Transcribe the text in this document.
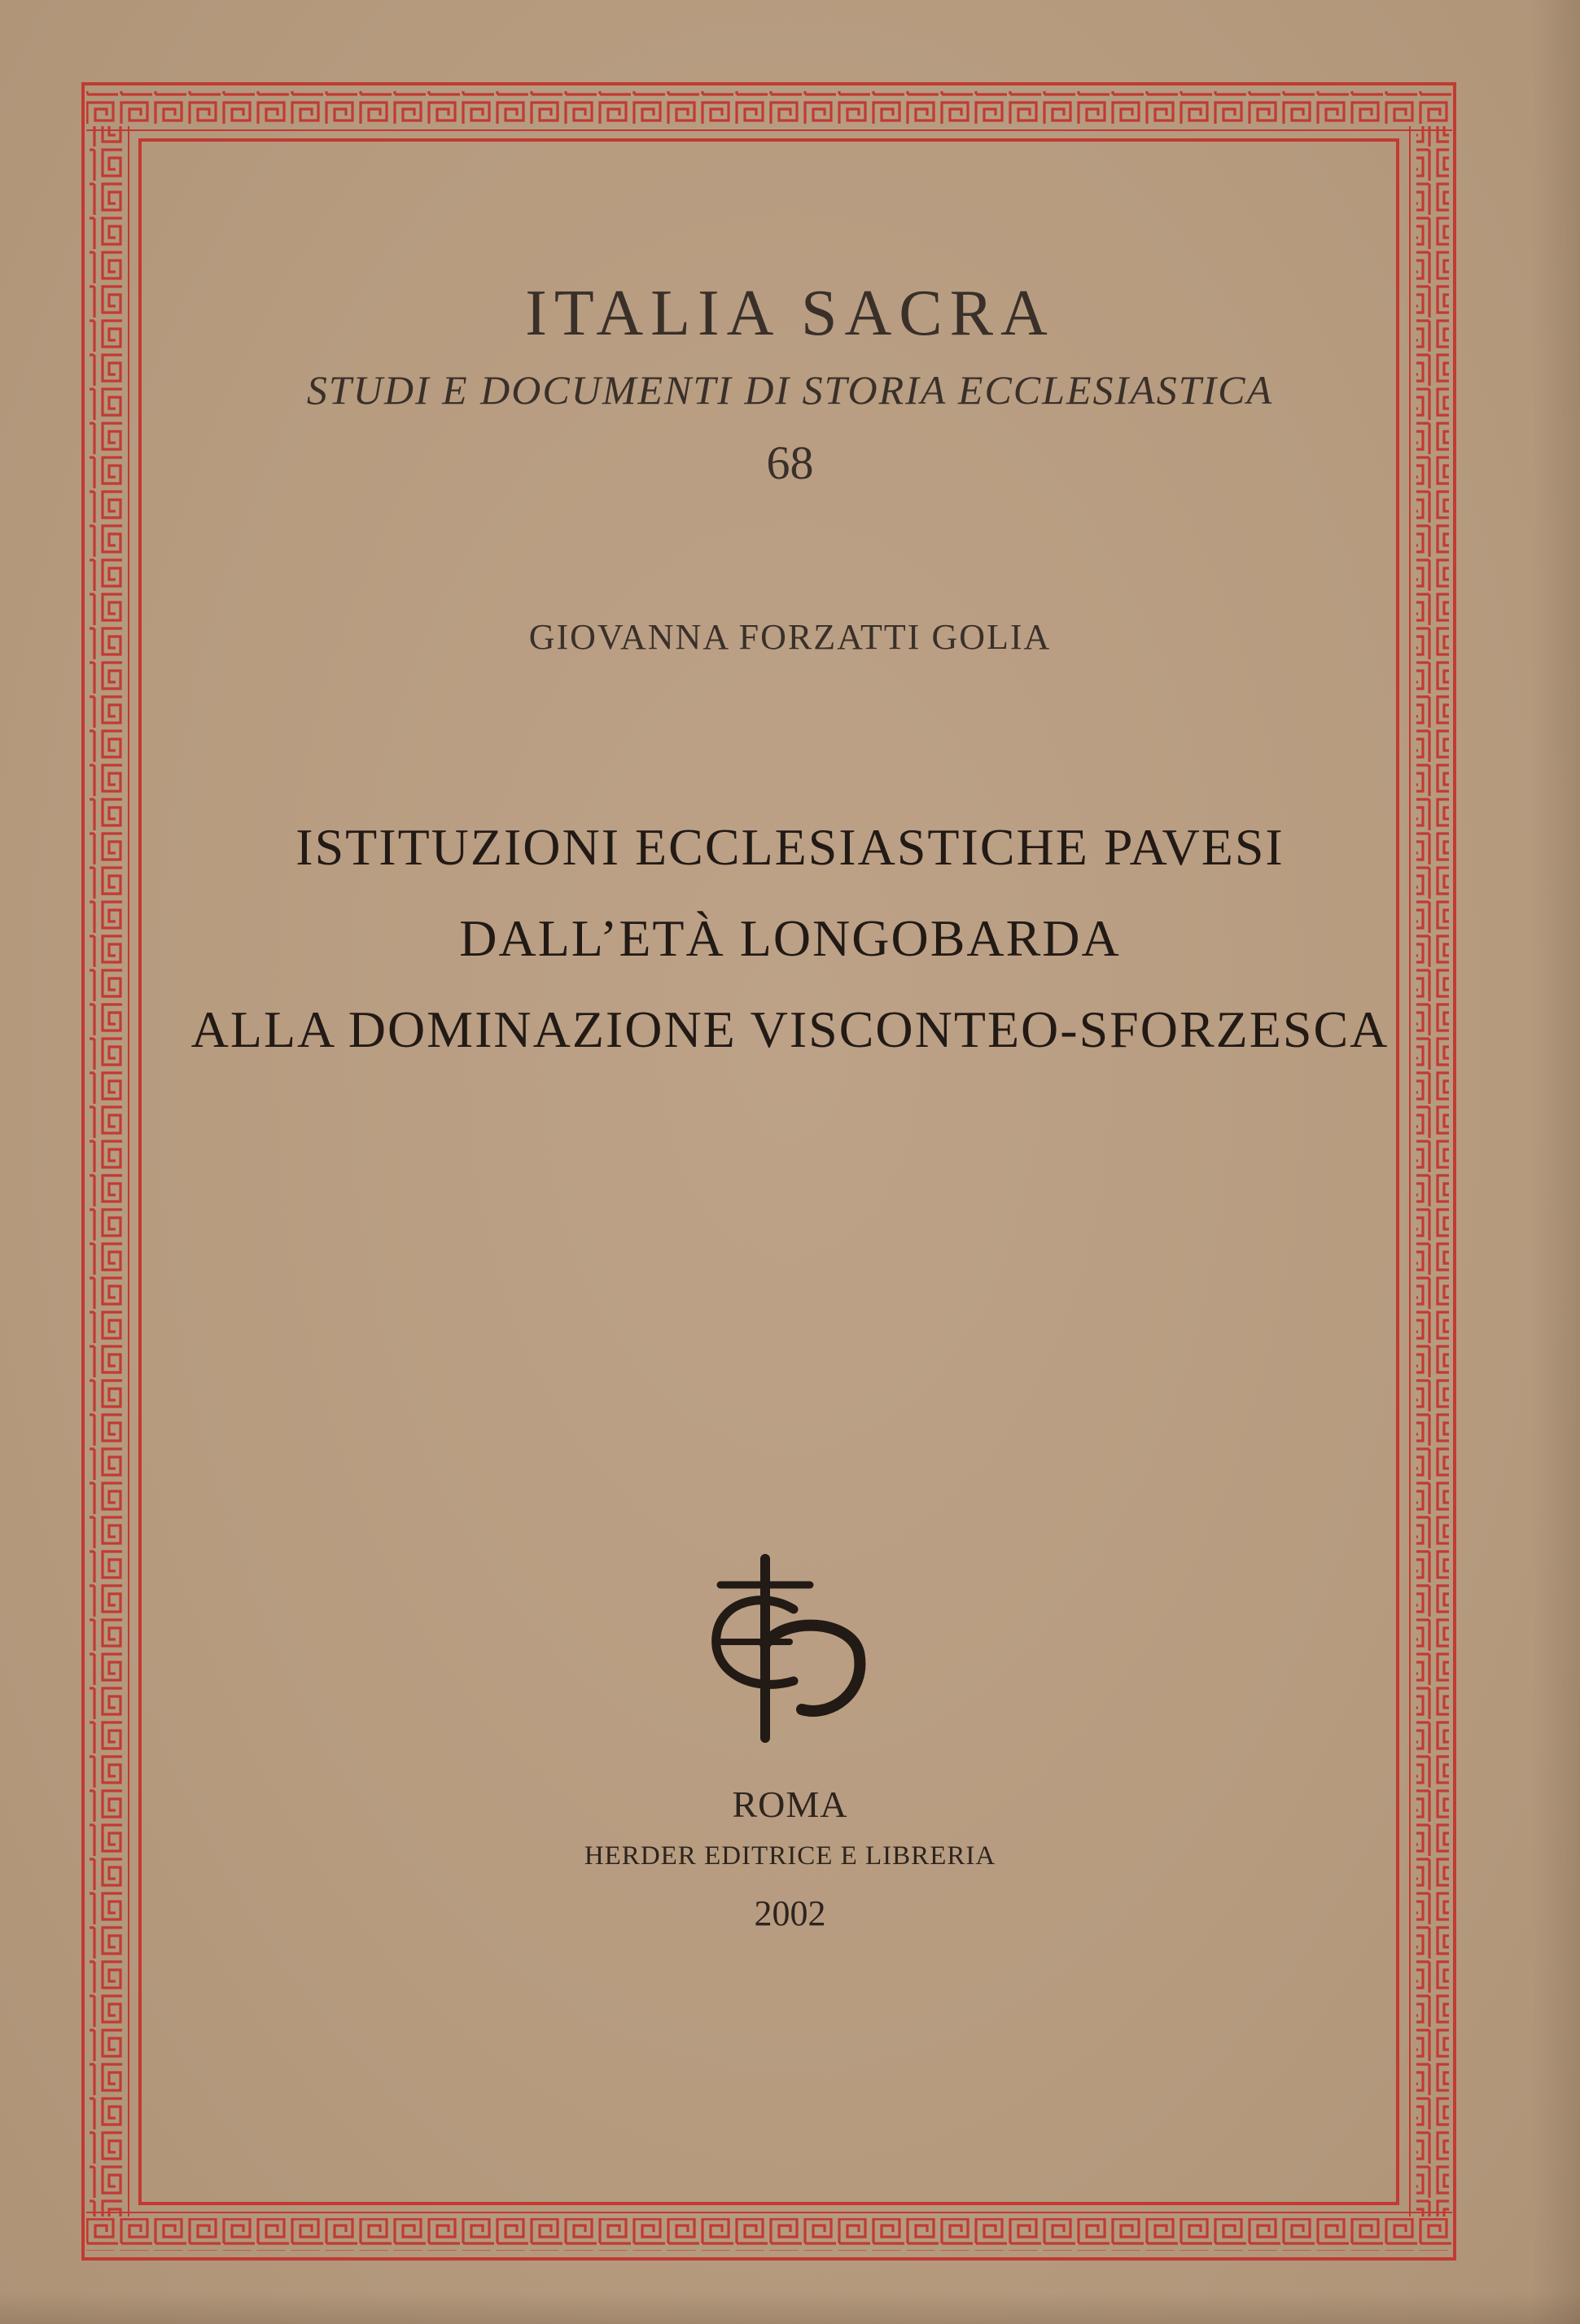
ITALIA SACRA
STUDI E DOCUMENTI DI STORIA ECCLESIASTICA
68
GIOVANNA FORZATTI GOLIA
ISTITUZIONI ECCLESIASTICHE PAVESI
DALL’ETÀ LONGOBARDA
ALLA DOMINAZIONE VISCONTEO-SFORZESCA
ROMA
HERDER EDITRICE E LIBRERIA
2002
